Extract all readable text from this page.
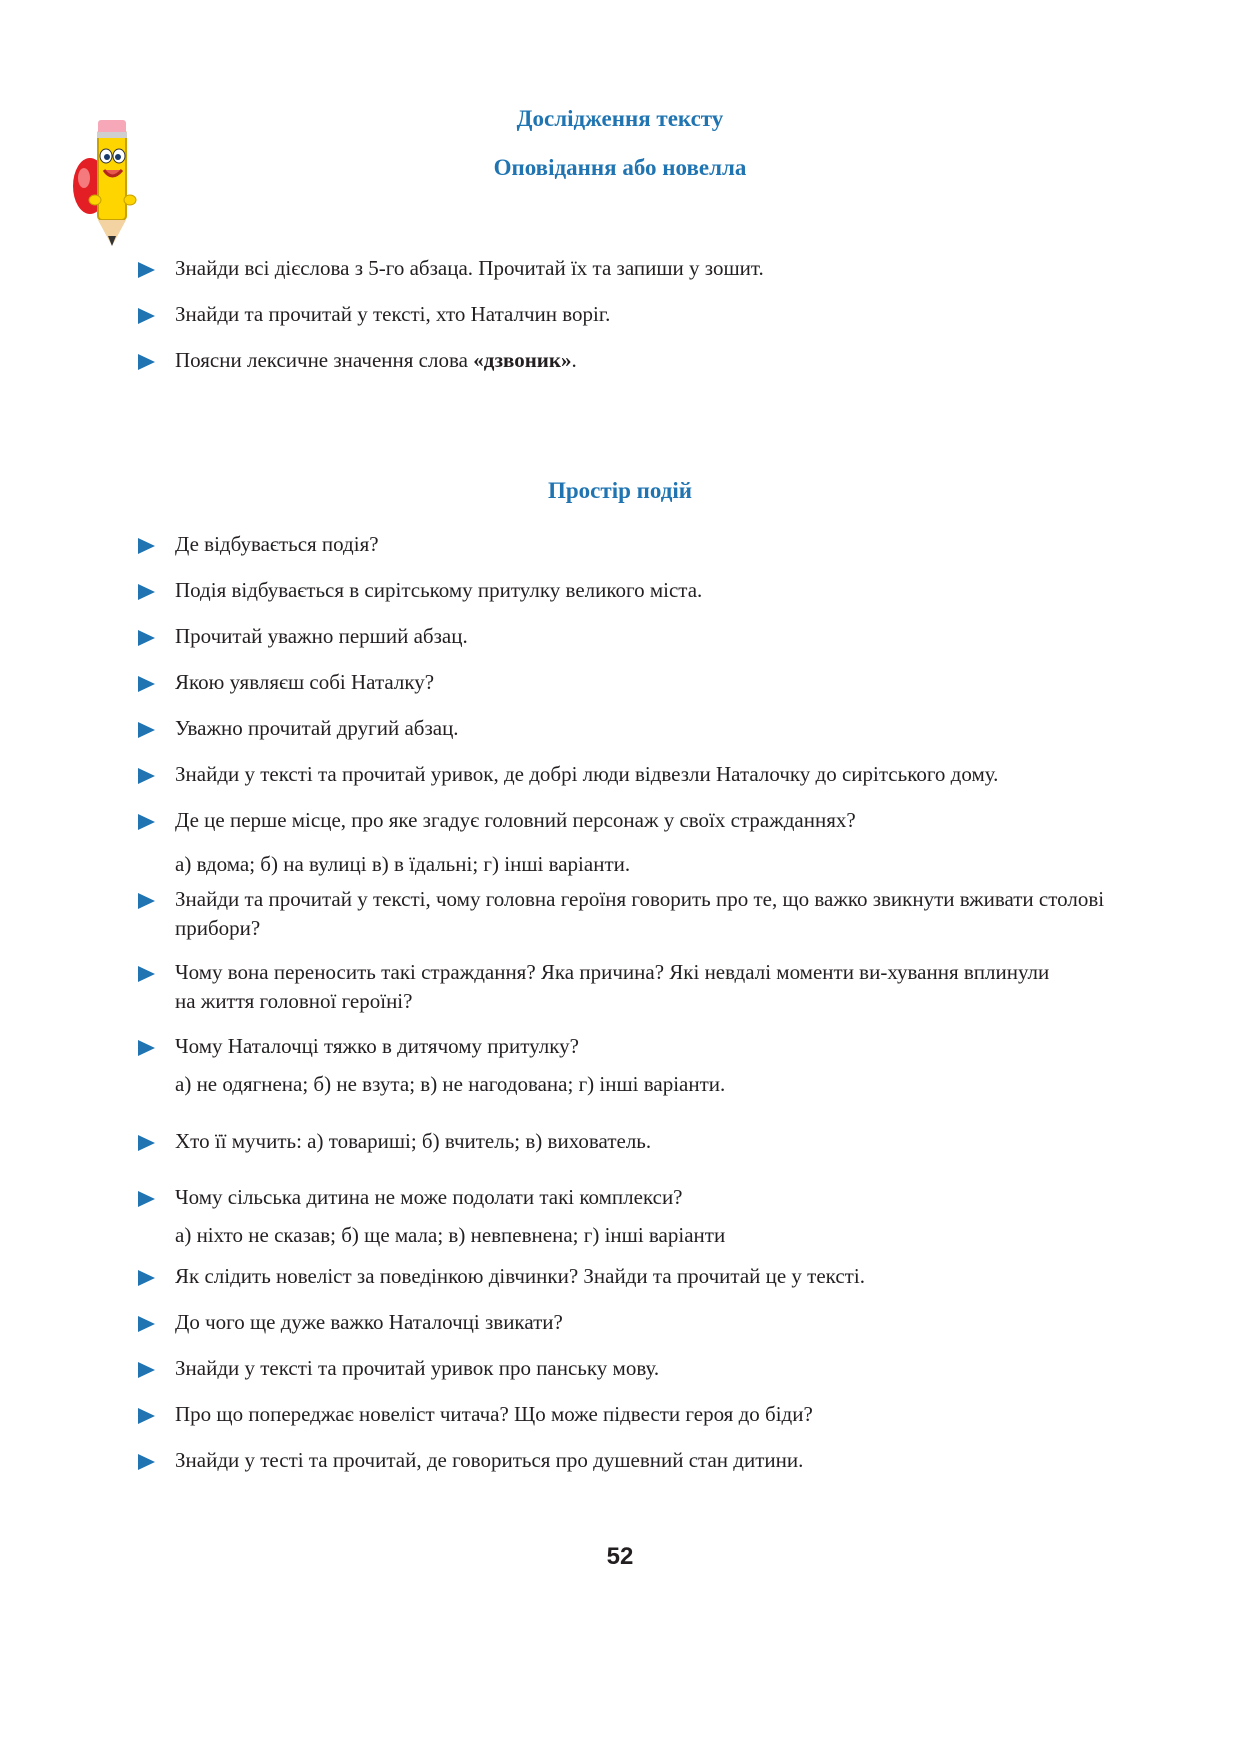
Дослідження тексту
Оповідання або новелла
Знайди всі дієслова з 5-го абзаца. Прочитай їх та запиши у зошит.
Знайди та прочитай у тексті, хто Наталчин ворiг.
Поясни лексичне значення слова «дзвоник».
Простір подій
Де відбувається подія?
Подія відбувається в сирітському притулку великого міста.
Прочитай уважно перший абзац.
Якою уявляєш собі Наталку?
Уважно прочитай другий абзац.
Знайди у тексті та прочитай уривок, де добрі люди відвезли Наталочку до сирітського дому.
Де це перше місце, про яке згадує головний персонаж у своїх стражданнях?
а) вдома; б) на вулиці в) в їдальні; г) інші варіанти.
Знайди та прочитай у тексті, чому головна героїня говорить про те, що важко звикнути вживати столові прибори?
Чому вона переносить такі страждання? Яка причина? Які невдалі моменти ви-хування вплинули на життя головної героїні?
Чому Наталочці тяжко в дитячому притулку?
а) не одягнена; б) не взута; в) не нагодована; г) інші варіанти.
Хто її мучить: а) товариші; б) вчитель; в) вихователь.
Чому сільська дитина не може подолати такі комплекси?
а) ніхто не сказав; б) ще мала; в) невпевнена; г) інші варіанти
Як слідить новеліст за поведінкою дівчинки? Знайди та прочитай це у тексті.
До чого ще дуже важко Наталочці звикати?
Знайди у тексті та прочитай уривок про панську мову.
Про що попереджає новеліст читача? Що може підвести героя до біди?
Знайди у тесті та прочитай, де говориться про душевний стан дитини.
52
